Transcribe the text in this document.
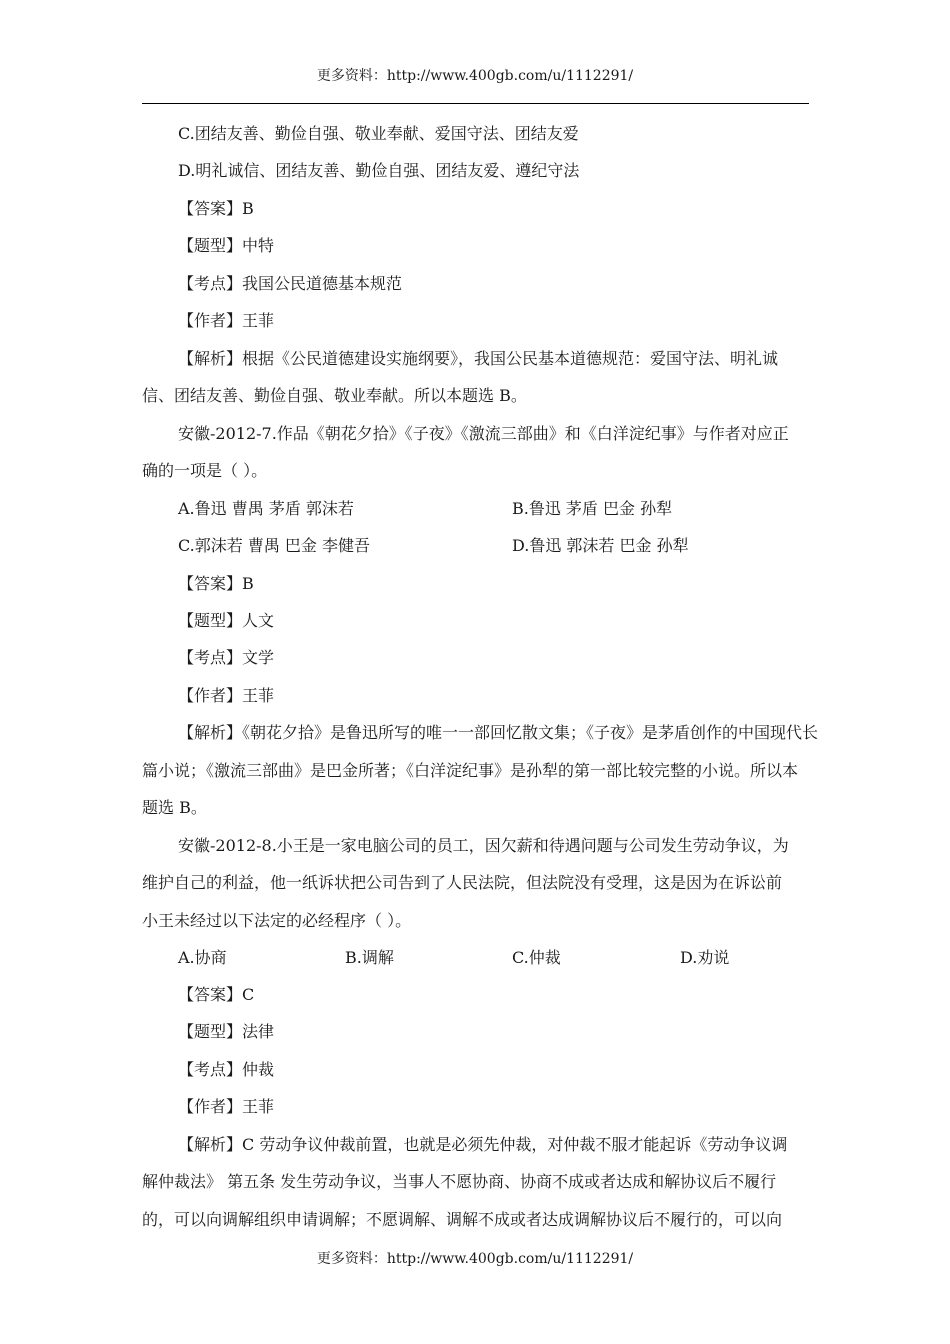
更多资料：http://www.400gb.com/u/1112291/
C.团结友善、勤俭自强、敬业奉献、爱国守法、团结友爱
D.明礼诚信、团结友善、勤俭自强、团结友爱、遵纪守法
【答案】B
【题型】中特
【考点】我国公民道德基本规范
【作者】王菲
【解析】根据《公民道德建设实施纲要》，我国公民基本道德规范：爱国守法、明礼诚
信、团结友善、勤俭自强、敬业奉献。所以本题选 B。
安徽-2012-7.作品《朝花夕拾》《子夜》《激流三部曲》和《白洋淀纪事》与作者对应正
确的一项是（ ）。
A.鲁迅 曹禺 茅盾 郭沫若	B.鲁迅 茅盾 巴金 孙犁
C.郭沫若 曹禺 巴金 李健吾	D.鲁迅 郭沫若 巴金 孙犁
【答案】B
【题型】人文
【考点】文学
【作者】王菲
【解析】《朝花夕拾》是鲁迅所写的唯一一部回忆散文集；《子夜》是茅盾创作的中国现代长
篇小说；《激流三部曲》是巴金所著；《白洋淀纪事》是孙犁的第一部比较完整的小说。所以本
题选 B。
安徽-2012-8.小王是一家电脑公司的员工，因欠薪和待遇问题与公司发生劳动争议，为
维护自己的利益，他一纸诉状把公司告到了人民法院，但法院没有受理，这是因为在诉讼前
小王未经过以下法定的必经程序（ ）。
A.协商	B.调解	C.仲裁	D.劝说
【答案】C
【题型】法律
【考点】仲裁
【作者】王菲
【解析】C 劳动争议仲裁前置，也就是必须先仲裁，对仲裁不服才能起诉《劳动争议调
解仲裁法》 第五条 发生劳动争议，当事人不愿协商、协商不成或者达成和解协议后不履行
的，可以向调解组织申请调解；不愿调解、调解不成或者达成调解协议后不履行的，可以向
更多资料：http://www.400gb.com/u/1112291/
